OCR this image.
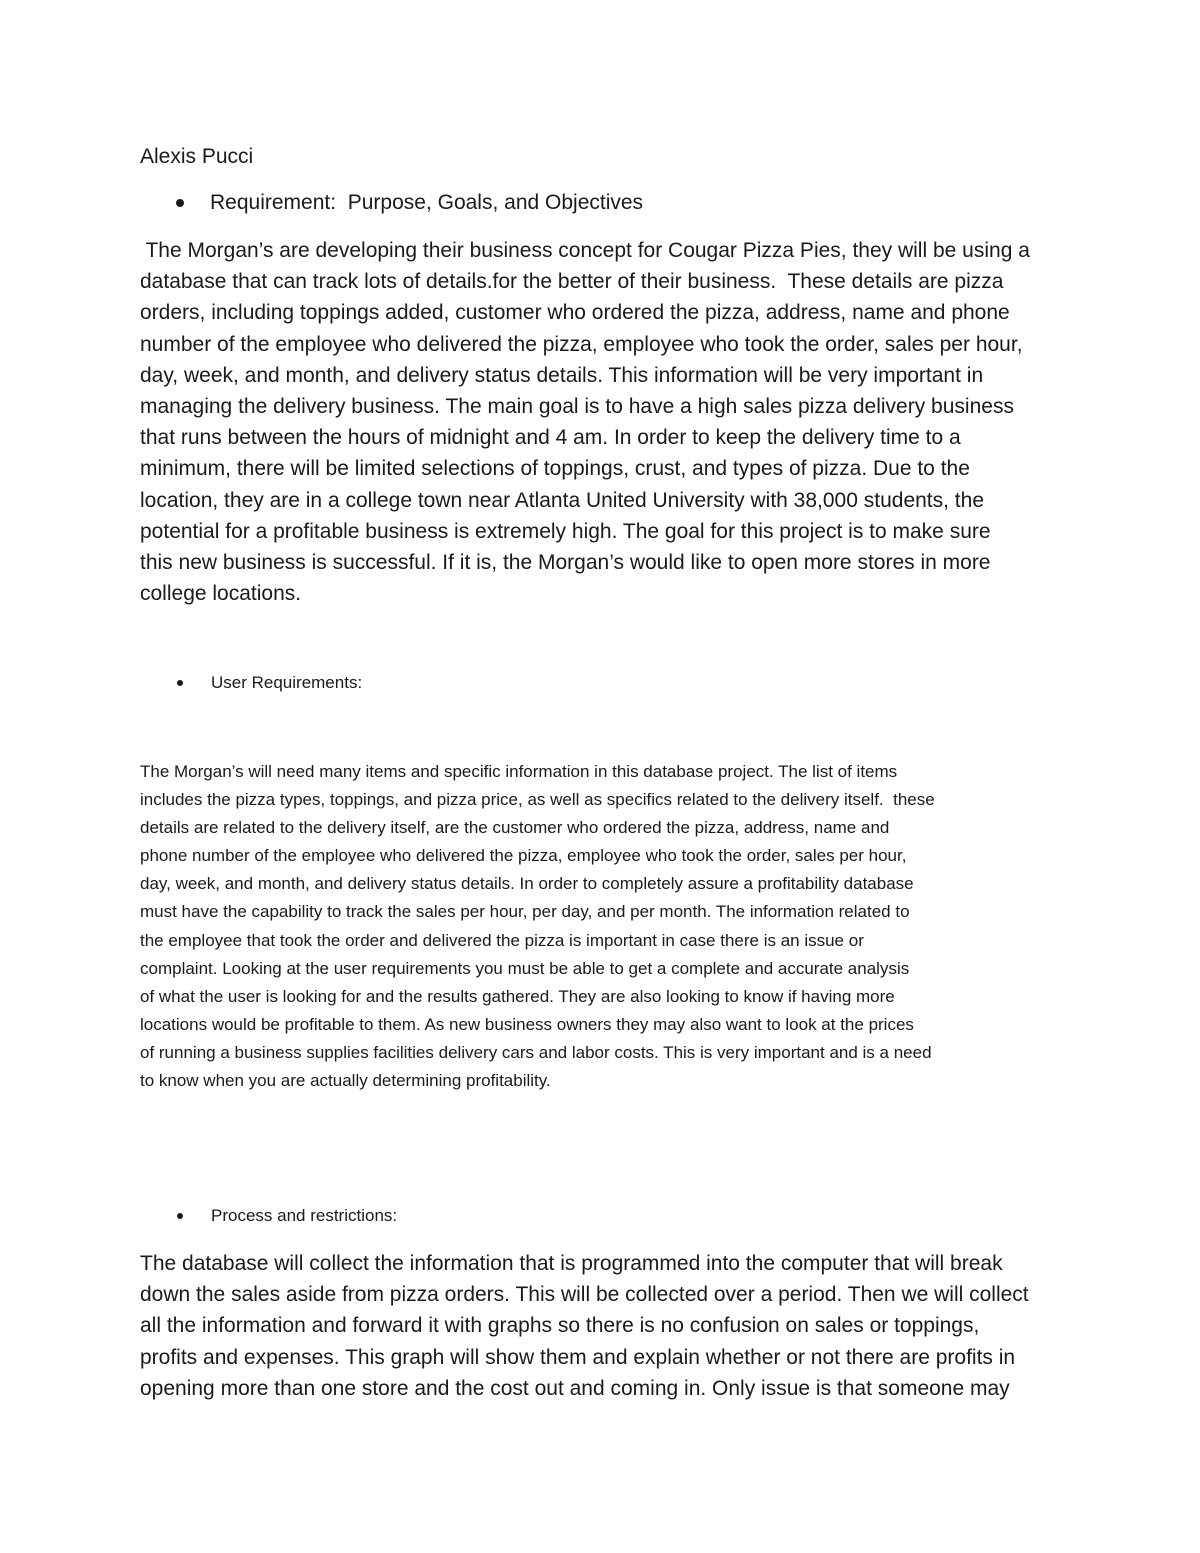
Alexis Pucci
Requirement:  Purpose, Goals, and Objectives
The Morgan’s are developing their business concept for Cougar Pizza Pies, they will be using a
database that can track lots of details.for the better of their business.  These details are pizza
orders, including toppings added, customer who ordered the pizza, address, name and phone
number of the employee who delivered the pizza, employee who took the order, sales per hour,
day, week, and month, and delivery status details. This information will be very important in
managing the delivery business. The main goal is to have a high sales pizza delivery business
that runs between the hours of midnight and 4 am. In order to keep the delivery time to a
minimum, there will be limited selections of toppings, crust, and types of pizza. Due to the
location, they are in a college town near Atlanta United University with 38,000 students, the
potential for a profitable business is extremely high. The goal for this project is to make sure
this new business is successful. If it is, the Morgan’s would like to open more stores in more
college locations.
User Requirements:
The Morgan’s will need many items and specific information in this database project. The list of items
includes the pizza types, toppings, and pizza price, as well as specifics related to the delivery itself.  these
details are related to the delivery itself, are the customer who ordered the pizza, address, name and
phone number of the employee who delivered the pizza, employee who took the order, sales per hour,
day, week, and month, and delivery status details. In order to completely assure a profitability database
must have the capability to track the sales per hour, per day, and per month. The information related to
the employee that took the order and delivered the pizza is important in case there is an issue or
complaint. Looking at the user requirements you must be able to get a complete and accurate analysis
of what the user is looking for and the results gathered. They are also looking to know if having more
locations would be profitable to them. As new business owners they may also want to look at the prices
of running a business supplies facilities delivery cars and labor costs. This is very important and is a need
to know when you are actually determining profitability.
Process and restrictions:
The database will collect the information that is programmed into the computer that will break
down the sales aside from pizza orders. This will be collected over a period. Then we will collect
all the information and forward it with graphs so there is no confusion on sales or toppings,
profits and expenses. This graph will show them and explain whether or not there are profits in
opening more than one store and the cost out and coming in. Only issue is that someone may
